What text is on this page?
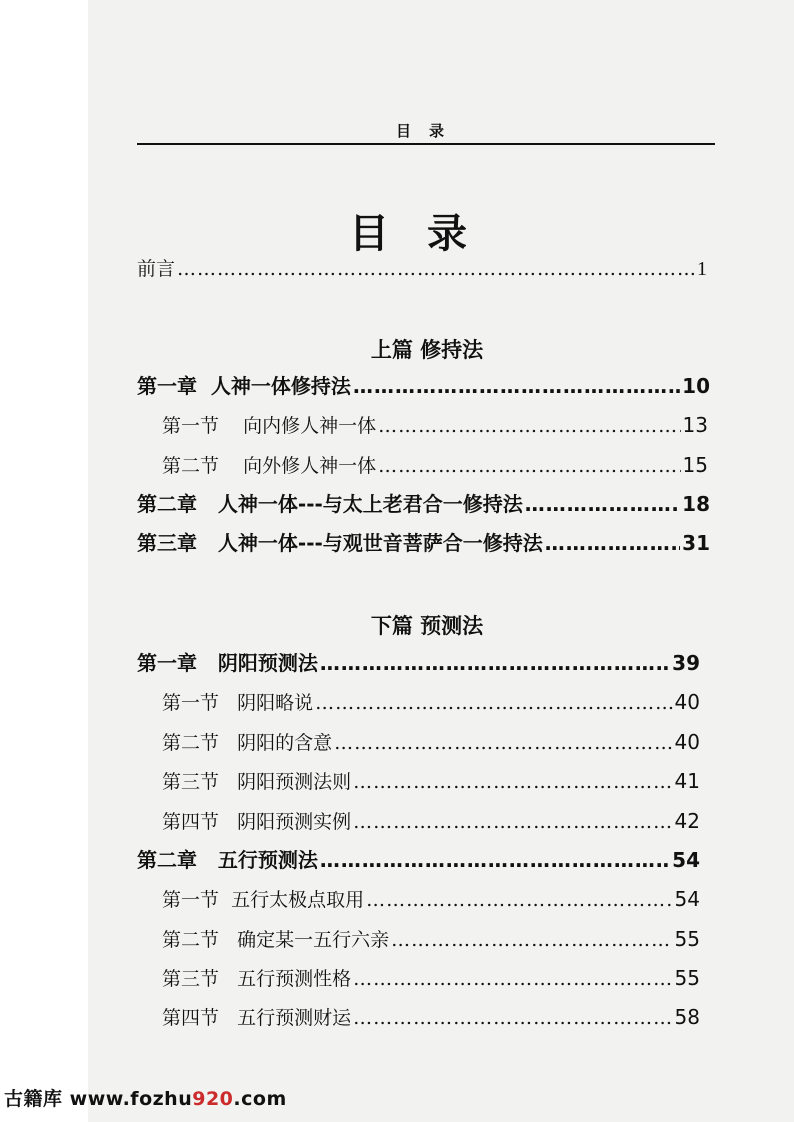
目录
目录
前言 ……………………………………………………………………………………………………………………	1
上篇 修持法
第一章  人神一体修持法 ……………………………………………………………………………………………………………………	10
第一节    向内修人神一体 ……………………………………………………………………………………………………………………	13
第二节    向外修人神一体 ……………………………………………………………………………………………………………………	15
第二章   人神一体---与太上老君合一修持法 ……………………………………………………………………………………………………………………	18
第三章   人神一体---与观世音菩萨合一修持法 ……………………………………………………………………………………………………………………	31
下篇 预测法
第一章   阴阳预测法 ……………………………………………………………………………………………………………………	39
第一节   阴阳略说 ……………………………………………………………………………………………………………………	40
第二节   阴阳的含意 ……………………………………………………………………………………………………………………	40
第三节   阴阳预测法则 ……………………………………………………………………………………………………………………	41
第四节   阴阳预测实例 ……………………………………………………………………………………………………………………	42
第二章   五行预测法 ……………………………………………………………………………………………………………………	54
第一节  五行太极点取用 ……………………………………………………………………………………………………………………	54
第二节   确定某一五行六亲 ……………………………………………………………………………………………………………………	55
第三节   五行预测性格 ……………………………………………………………………………………………………………………	55
第四节   五行预测财运 ……………………………………………………………………………………………………………………	58
古籍库 www.fozhu920.com
